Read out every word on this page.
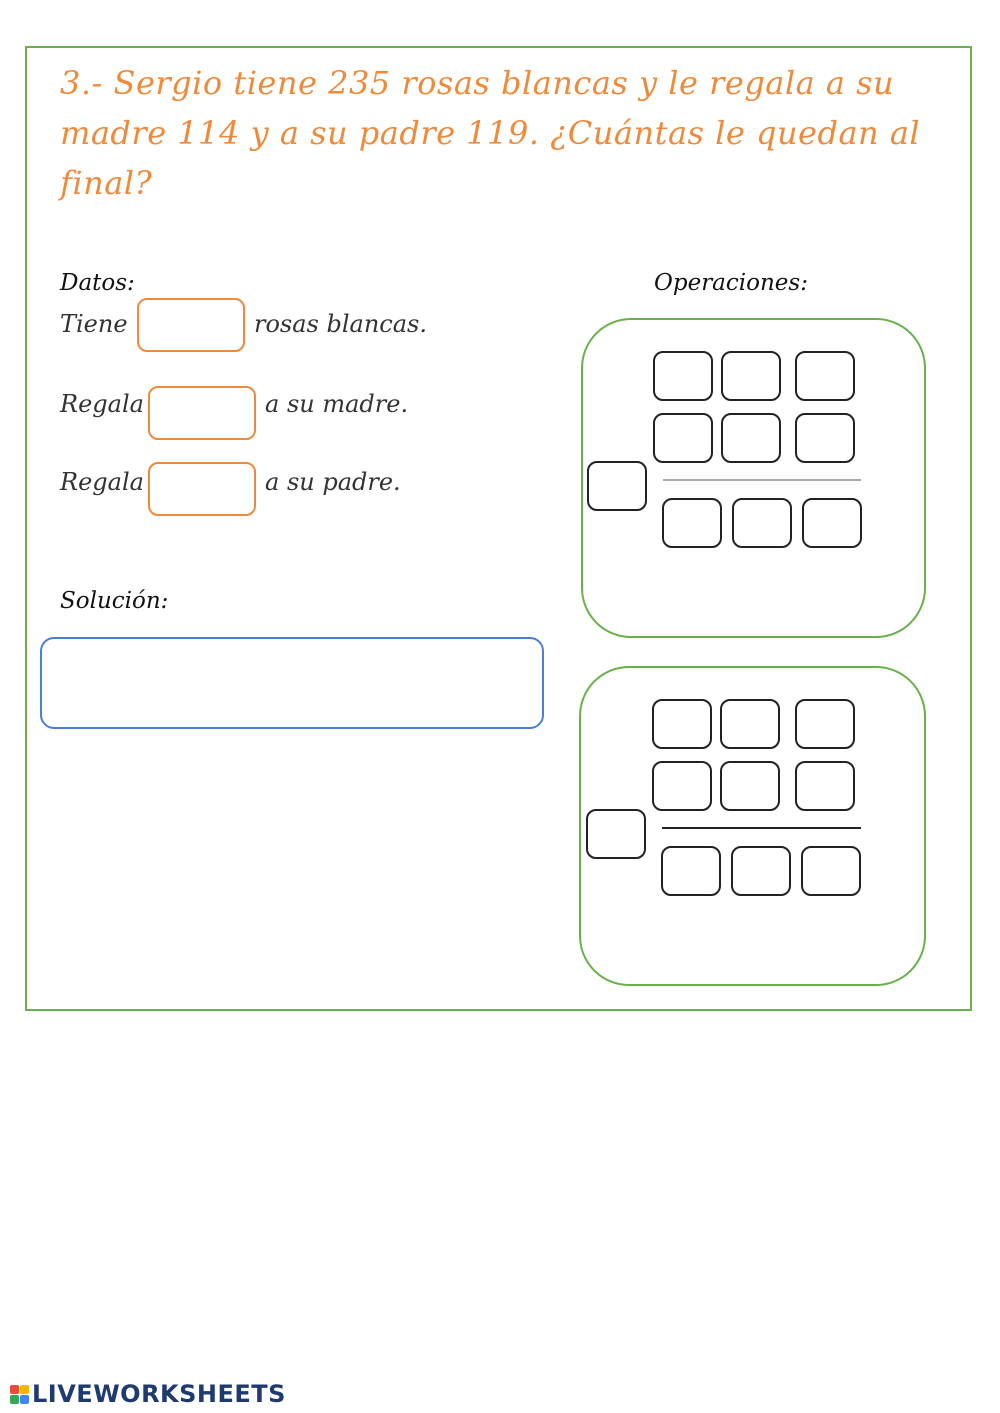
3.- Sergio tiene 235 rosas blancas y le regala a su madre 114 y a su padre 119. ¿Cuántas le quedan al final?
Datos:
Tiene	rosas blancas.
Regala	a su madre.
Regala	a su padre.
Solución:
Operaciones:
LIVEWORKSHEETS
